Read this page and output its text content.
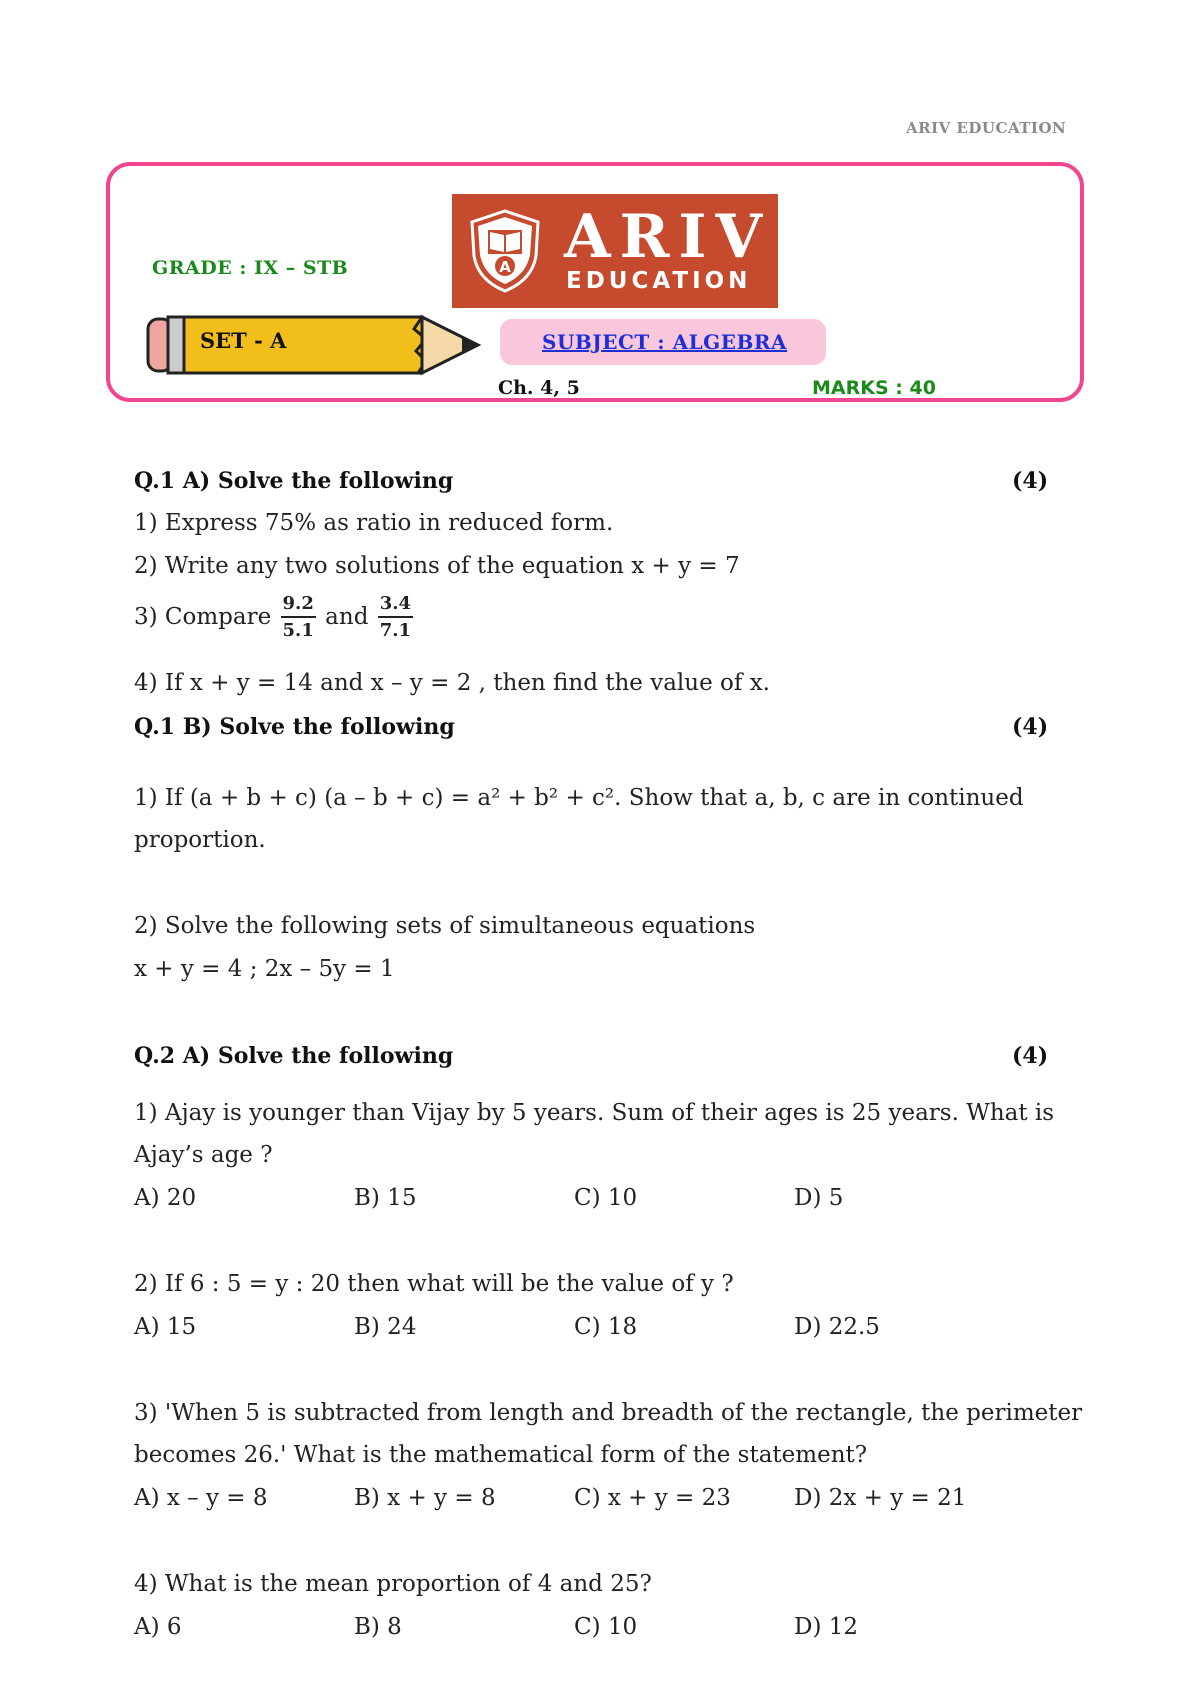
ARIV EDUCATION
GRADE : IX – STB	A ARIV
EDUCATION
SET - A	SUBJECT : ALGEBRA
Ch. 4, 5	MARKS : 40
Q.1 A) Solve the following	(4)
1) Express 75% as ratio in reduced form.
2) Write any two solutions of the equation x + y = 7
3) Compare $\frac{9.2}{5.1}$ and $\frac{3.4}{7.1}$
4) If x + y = 14 and x – y = 2 , then find the value of x.
Q.1 B) Solve the following	(4)
1) If (a + b + c) (a – b + c) = a² + b² + c². Show that a, b, c are in continued
proportion.
2) Solve the following sets of simultaneous equations
x + y = 4 ; 2x – 5y = 1
Q.2 A) Solve the following	(4)
1) Ajay is younger than Vijay by 5 years. Sum of their ages is 25 years. What is
Ajay’s age ?
A) 20	B) 15	C) 10	D) 5
2) If 6 : 5 = y : 20 then what will be the value of y ?
A) 15	B) 24	C) 18	D) 22.5
3) 'When 5 is subtracted from length and breadth of the rectangle, the perimeter
becomes 26.' What is the mathematical form of the statement?
A) x – y = 8	B) x + y = 8	C) x + y = 23	D) 2x + y = 21
4) What is the mean proportion of 4 and 25?
A) 6	B) 8	C) 10	D) 12
